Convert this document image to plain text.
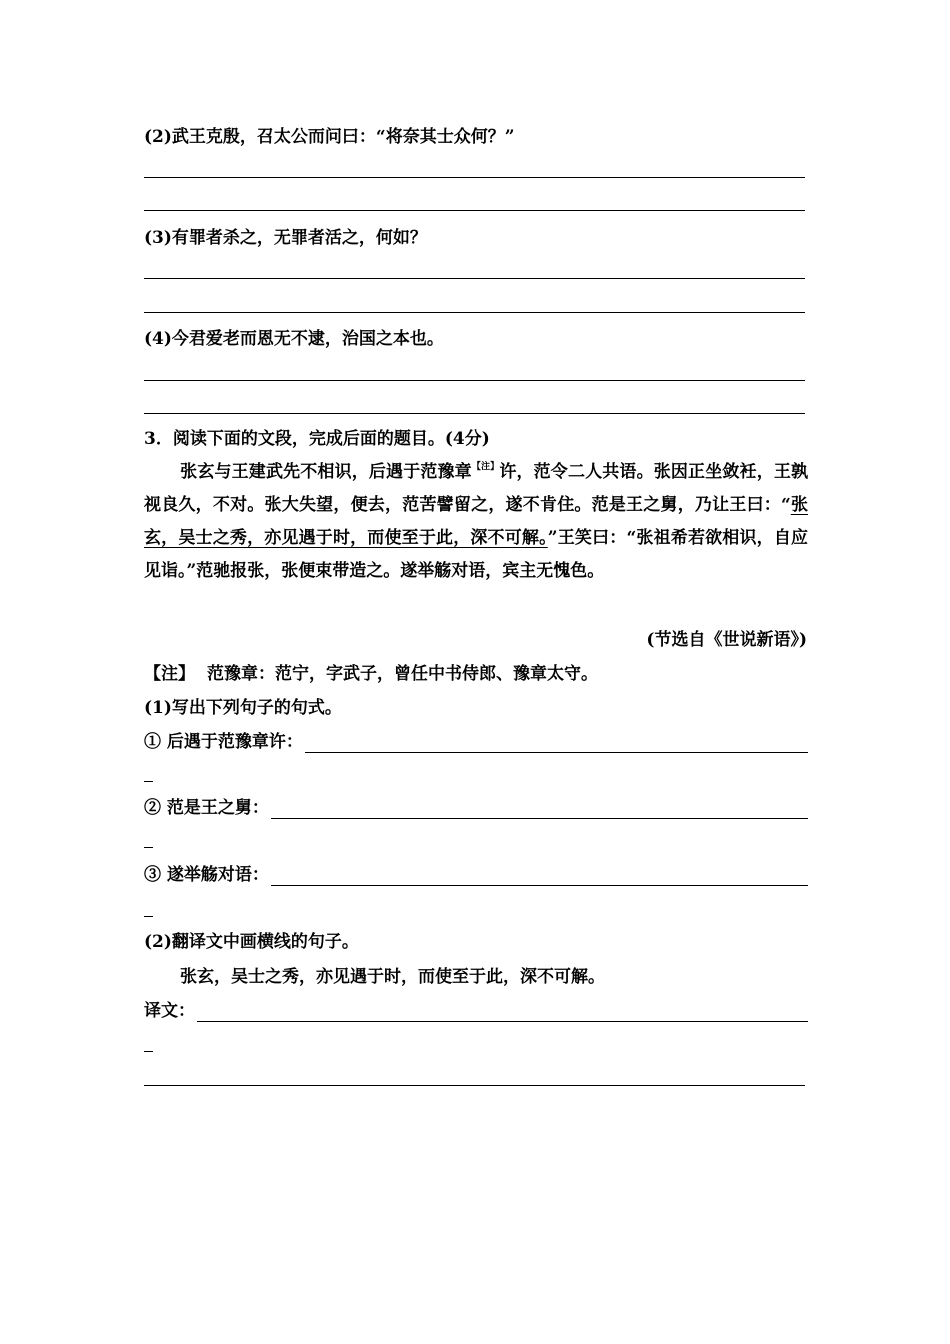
(2)武王克殷，召太公而问曰：“将奈其士众何？”
(3)有罪者杀之，无罪者活之，何如？
(4)今君爱老而恩无不逮，治国之本也。
3．阅读下面的文段，完成后面的题目。(4分)
张玄与王建武先不相识，后遇于范豫章$^{【注】}$许，范令二人共语。张因正坐敛衽，王孰视良久，不对。张大失望，便去，范苦譬留之，遂不肯住。范是王之舅，乃让王曰：“张玄，吴士之秀，亦见遇于时，而使至于此，深不可解。”王笑曰：“张祖希若欲相识，自应见诣。”范驰报张，张便束带造之。遂举觞对语，宾主无愧色。
(节选自《世说新语》)
【注】 范豫章：范宁，字武子，曾任中书侍郎、豫章太守。
(1)写出下列句子的句式。
① 后遇于范豫章许：
② 范是王之舅：
③ 遂举觞对语：
(2)翻译文中画横线的句子。
张玄，吴士之秀，亦见遇于时，而使至于此，深不可解。
译文：
